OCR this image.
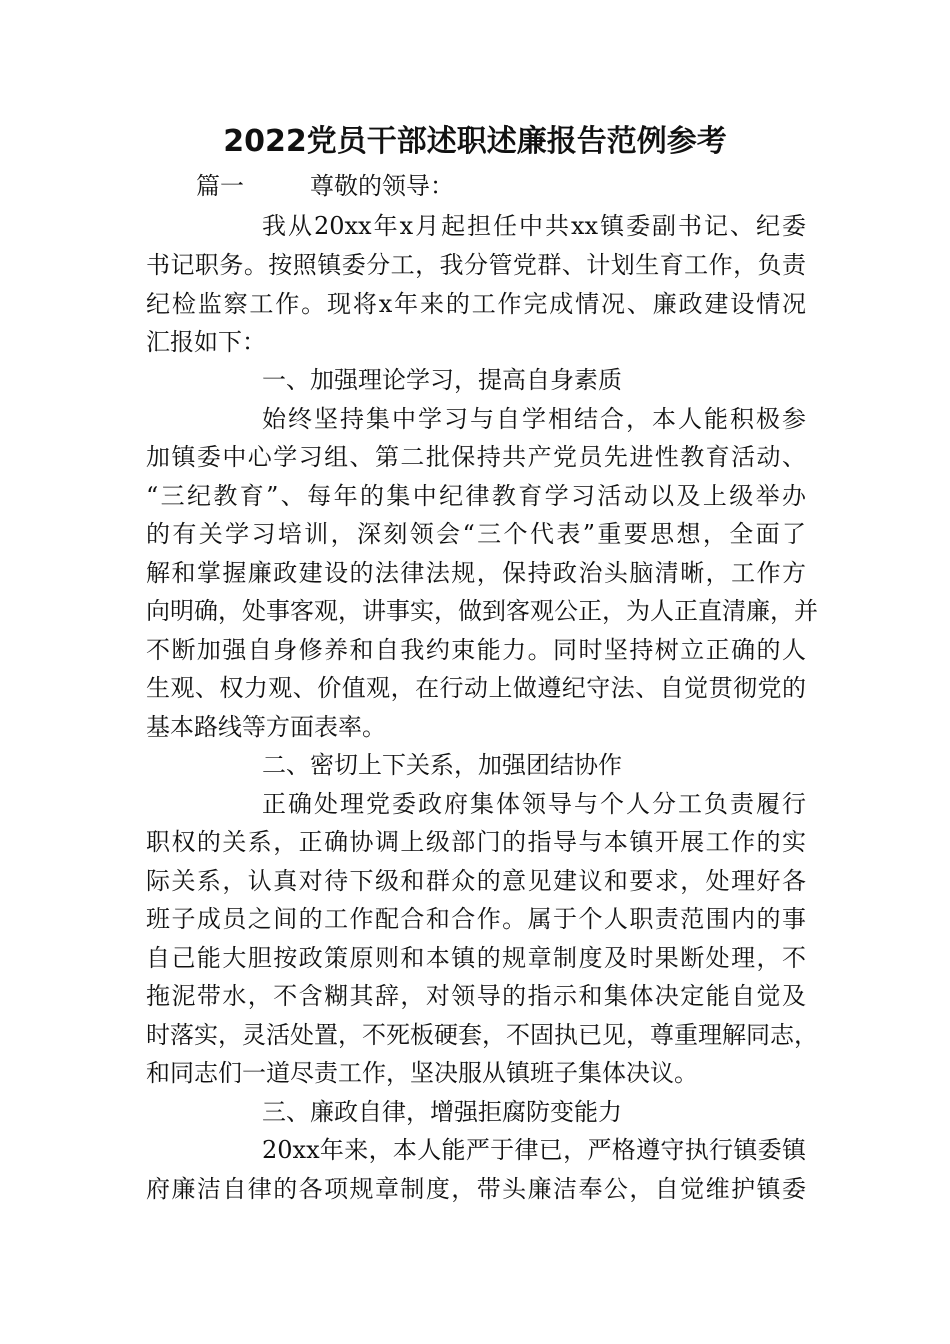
2022党员干部述职述廉报告范例参考

篇一	尊敬的领导：

我从20xx年x月起担任中共xx镇委副书记、纪委

书记职务。按照镇委分工，我分管党群、计划生育工作，负责

纪检监察工作。现将x年来的工作完成情况、廉政建设情况

汇报如下：

一、加强理论学习，提高自身素质

始终坚持集中学习与自学相结合，本人能积极参

加镇委中心学习组、第二批保持共产党员先进性教育活动、

“三纪教育”、每年的集中纪律教育学习活动以及上级举办

的有关学习培训，深刻领会“三个代表”重要思想，全面了

解和掌握廉政建设的法律法规，保持政治头脑清晰，工作方

向明确，处事客观，讲事实，做到客观公正，为人正直清廉，并

不断加强自身修养和自我约束能力。同时坚持树立正确的人

生观、权力观、价值观，在行动上做遵纪守法、自觉贯彻党的

基本路线等方面表率。

二、密切上下关系，加强团结协作

正确处理党委政府集体领导与个人分工负责履行

职权的关系，正确协调上级部门的指导与本镇开展工作的实

际关系，认真对待下级和群众的意见建议和要求，处理好各

班子成员之间的工作配合和合作。属于个人职责范围内的事

自己能大胆按政策原则和本镇的规章制度及时果断处理，不

拖泥带水，不含糊其辞，对领导的指示和集体决定能自觉及

时落实，灵活处置，不死板硬套，不固执已见，尊重理解同志，

和同志们一道尽责工作，坚决服从镇班子集体决议。

三、廉政自律，增强拒腐防变能力

20xx年来，本人能严于律已，严格遵守执行镇委镇

府廉洁自律的各项规章制度，带头廉洁奉公，自觉维护镇委
